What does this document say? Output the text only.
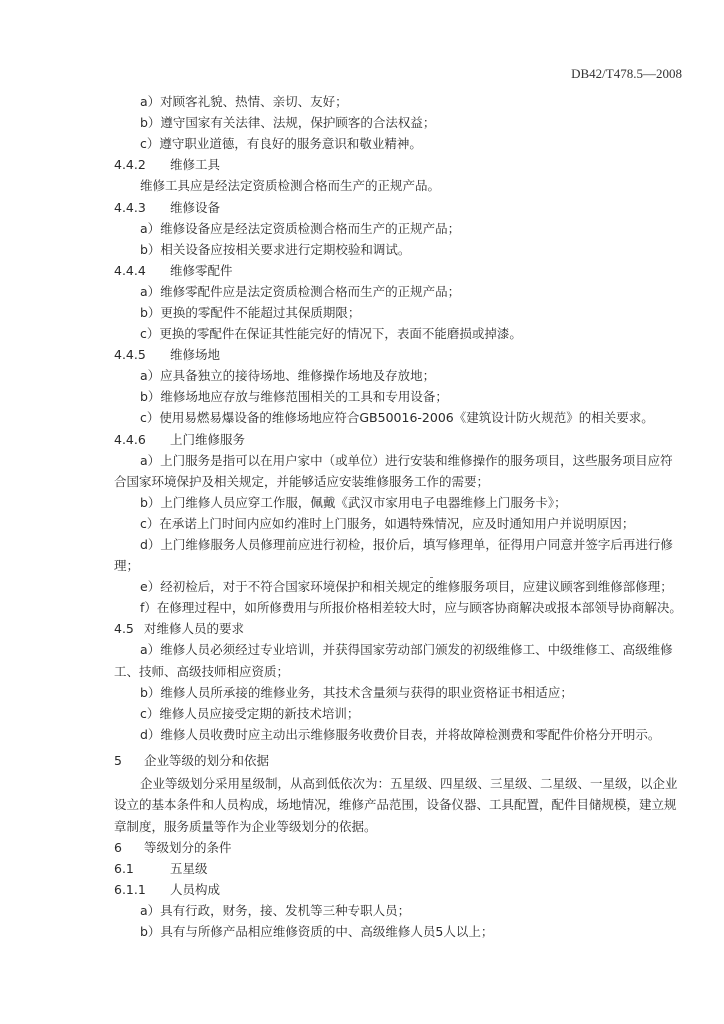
DB42/T478.5—2008
a）对顾客礼貌、热情、亲切、友好；
b）遵守国家有关法律、法规，保护顾客的合法权益；
c）遵守职业道德，有良好的服务意识和敬业精神。
4.4.2 维修工具
维修工具应是经法定资质检测合格而生产的正规产品。
4.4.3 维修设备
a）维修设备应是经法定资质检测合格而生产的正规产品；
b）相关设备应按相关要求进行定期校验和调试。
4.4.4 维修零配件
a）维修零配件应是法定资质检测合格而生产的正规产品；
b）更换的零配件不能超过其保质期限；
c）更换的零配件在保证其性能完好的情况下，表面不能磨损或掉漆。
4.4.5 维修场地
a）应具备独立的接待场地、维修操作场地及存放地；
b）维修场地应存放与维修范围相关的工具和专用设备；
c）使用易燃易爆设备的维修场地应符合GB50016-2006《建筑设计防火规范》的相关要求。
4.4.6 上门维修服务
a）上门服务是指可以在用户家中（或单位）进行安装和维修操作的服务项目，这些服务项目应符
合国家环境保护及相关规定，并能够适应安装维修服务工作的需要；
b）上门维修人员应穿工作服，佩戴《武汉市家用电子电器维修上门服务卡》；
c）在承诺上门时间内应如约准时上门服务，如遇特殊情况，应及时通知用户并说明原因；
d）上门维修服务人员修理前应进行初检，报价后，填写修理单，征得用户同意并签字后再进行修
理；
e）经初检后，对于不符合国家环境保护和相关规定的维修服务项目，应建议顾客到维修部修理；
f）在修理过程中，如所修费用与所报价格相差较大时，应与顾客协商解决或报本部领导协商解决。
4.5 对维修人员的要求
a）维修人员必须经过专业培训，并获得国家劳动部门颁发的初级维修工、中级维修工、高级维修
工、技师、高级技师相应资质；
b）维修人员所承接的维修业务，其技术含量须与获得的职业资格证书相适应；
c）维修人员应接受定期的新技术培训；
d）维修人员收费时应主动出示维修服务收费价目表，并将故障检测费和零配件价格分开明示。
5 企业等级的划分和依据
企业等级划分采用星级制，从高到低依次为：五星级、四星级、三星级、二星级、一星级，以企业
设立的基本条件和人员构成，场地情况，维修产品范围，设备仪器、工具配置，配件目储规模，建立规
章制度，服务质量等作为企业等级划分的依据。
6 等级划分的条件
6.1	五星级
6.1.1 人员构成
a）具有行政，财务，接、发机等三种专职人员；
b）具有与所修产品相应维修资质的中、高级维修人员5人以上；
